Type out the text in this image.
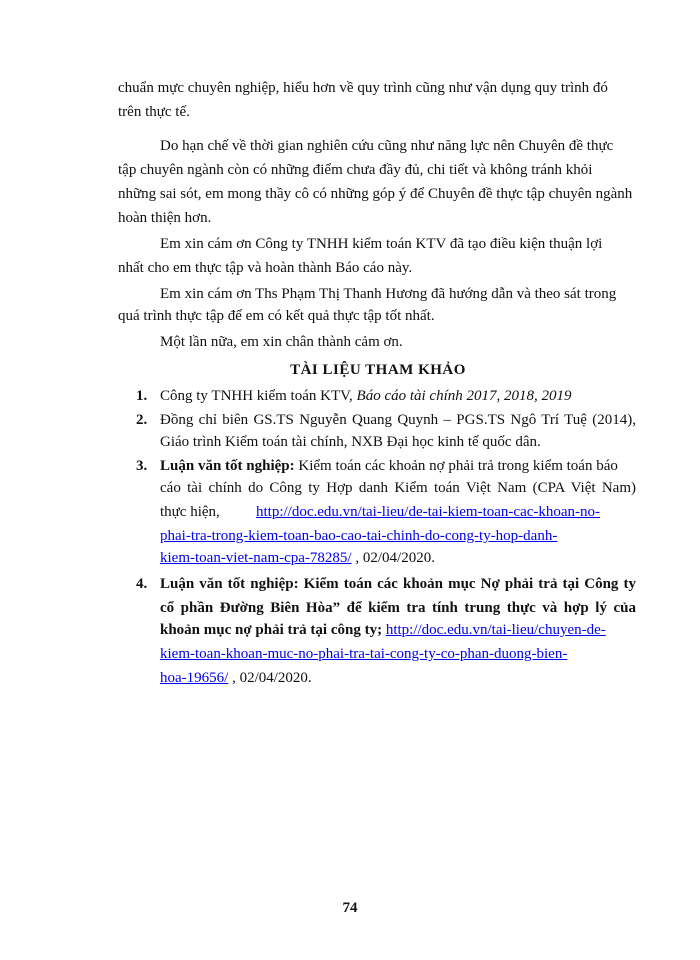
chuẩn mực chuyên nghiệp, hiểu hơn về quy trình cũng như vận dụng quy trình đó
trên thực tế.
Do hạn chế về thời gian nghiên cứu cũng như năng lực nên Chuyên đề thực
tập chuyên ngành còn có những điểm chưa đầy đủ, chi tiết và không tránh khỏi
những sai sót, em mong thầy cô có những góp ý để Chuyên đề thực tập chuyên ngành
hoàn thiện hơn.
Em xin cám ơn Công ty TNHH kiểm toán KTV đã tạo điều kiện thuận lợi
nhất cho em thực tập và hoàn thành Báo cáo này.
Em xin cám ơn Ths Phạm Thị Thanh Hương đã hướng dẫn và theo sát trong
quá trình thực tập để em có kết quả thực tập tốt nhất.
Một lần nữa, em xin chân thành cảm ơn.
TÀI LIỆU THAM KHẢO
1. Công ty TNHH kiểm toán KTV, Báo cáo tài chính 2017, 2018, 2019
2. Đồng chỉ biên GS.TS Nguyễn Quang Quynh – PGS.TS Ngô Trí Tuệ (2014),
Giáo trình Kiểm toán tài chính, NXB Đại học kinh tế quốc dân.
3. Luận văn tốt nghiệp: Kiểm toán các khoản nợ phải trả trong kiểm toán báo
cáo tài chính do Công ty Hợp danh Kiểm toán Việt Nam (CPA Việt Nam)
thực hiện, http://doc.edu.vn/tai-lieu/de-tai-kiem-toan-cac-khoan-no-
phai-tra-trong-kiem-toan-bao-cao-tai-chinh-do-cong-ty-hop-danh-
kiem-toan-viet-nam-cpa-78285/ , 02/04/2020.
4. Luận văn tốt nghiệp: Kiểm toán các khoản mục Nợ phải trả tại Công ty
cổ phần Đường Biên Hòa” để kiểm tra tính trung thực và hợp lý của
khoản mục nợ phải trả tại công ty; http://doc.edu.vn/tai-lieu/chuyen-de-
kiem-toan-khoan-muc-no-phai-tra-tai-cong-ty-co-phan-duong-bien-
hoa-19656/ , 02/04/2020.
74
